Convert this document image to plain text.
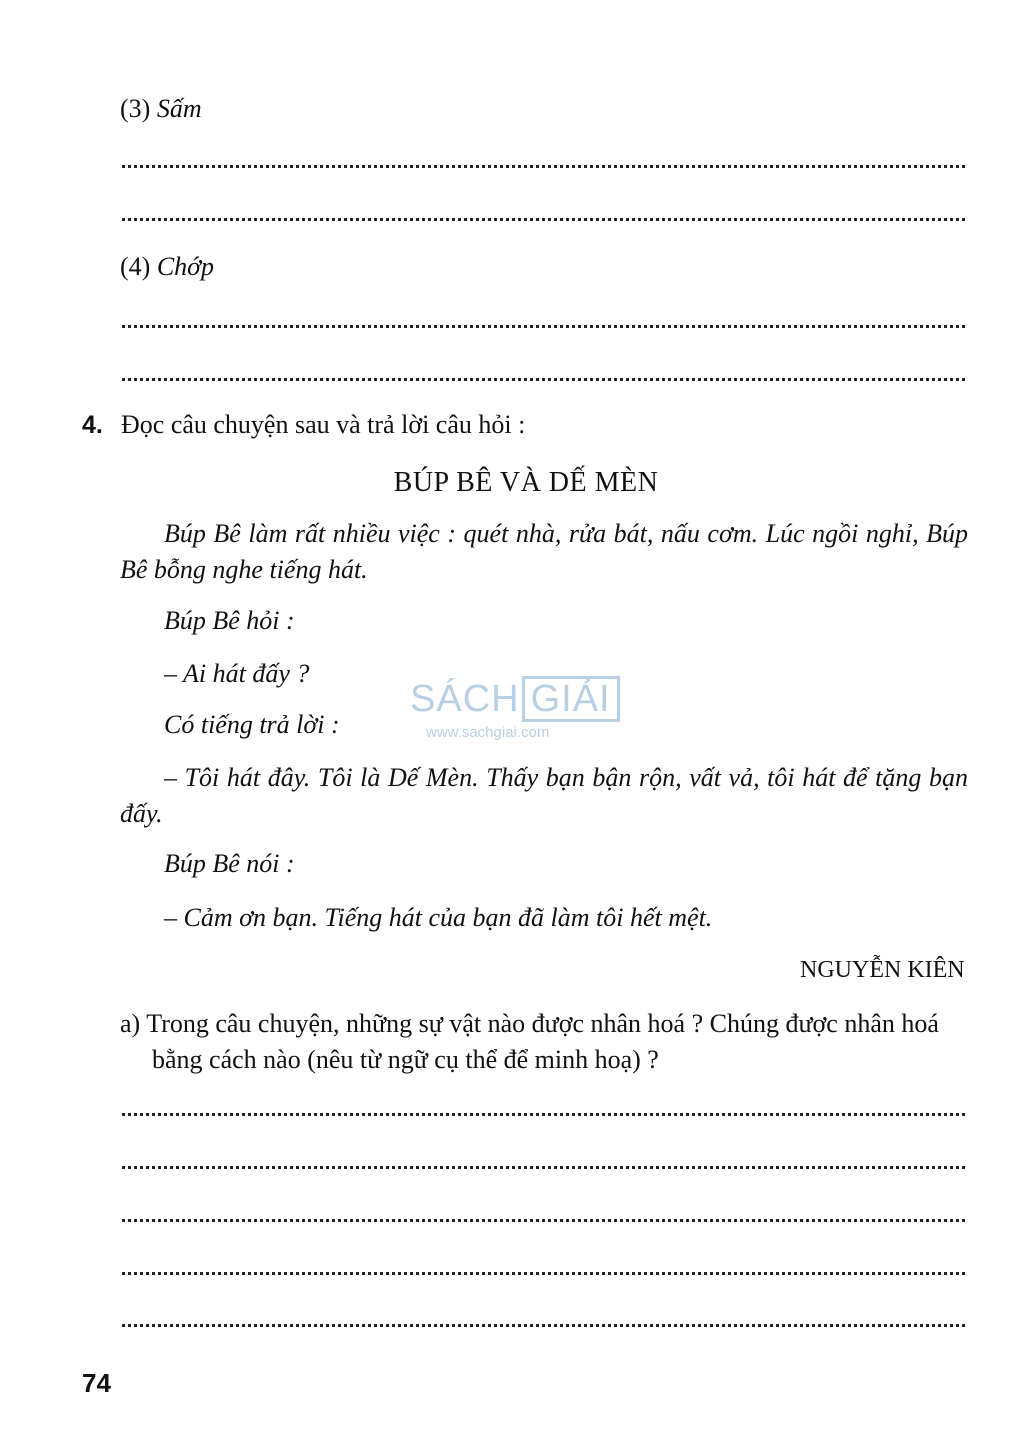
(3) Sấm
(4) Chớp
4. Đọc câu chuyện sau và trả lời câu hỏi :
BÚP BÊ VÀ DẾ MÈN
Búp Bê làm rất nhiều việc : quét nhà, rửa bát, nấu cơm. Lúc ngồi nghỉ, Búp Bê bỗng nghe tiếng hát.
Búp Bê hỏi :
– Ai hát đấy ?
Có tiếng trả lời :
– Tôi hát đây. Tôi là Dế Mèn. Thấy bạn bận rộn, vất vả, tôi hát để tặng bạn đấy.
Búp Bê nói :
– Cảm ơn bạn. Tiếng hát của bạn đã làm tôi hết mệt.
NGUYỄN KIÊN
a) Trong câu chuyện, những sự vật nào được nhân hoá ? Chúng được nhân hoá bằng cách nào (nêu từ ngữ cụ thể để minh hoạ) ?
SÁCH GIẢI
www.sachgiai.com
74
